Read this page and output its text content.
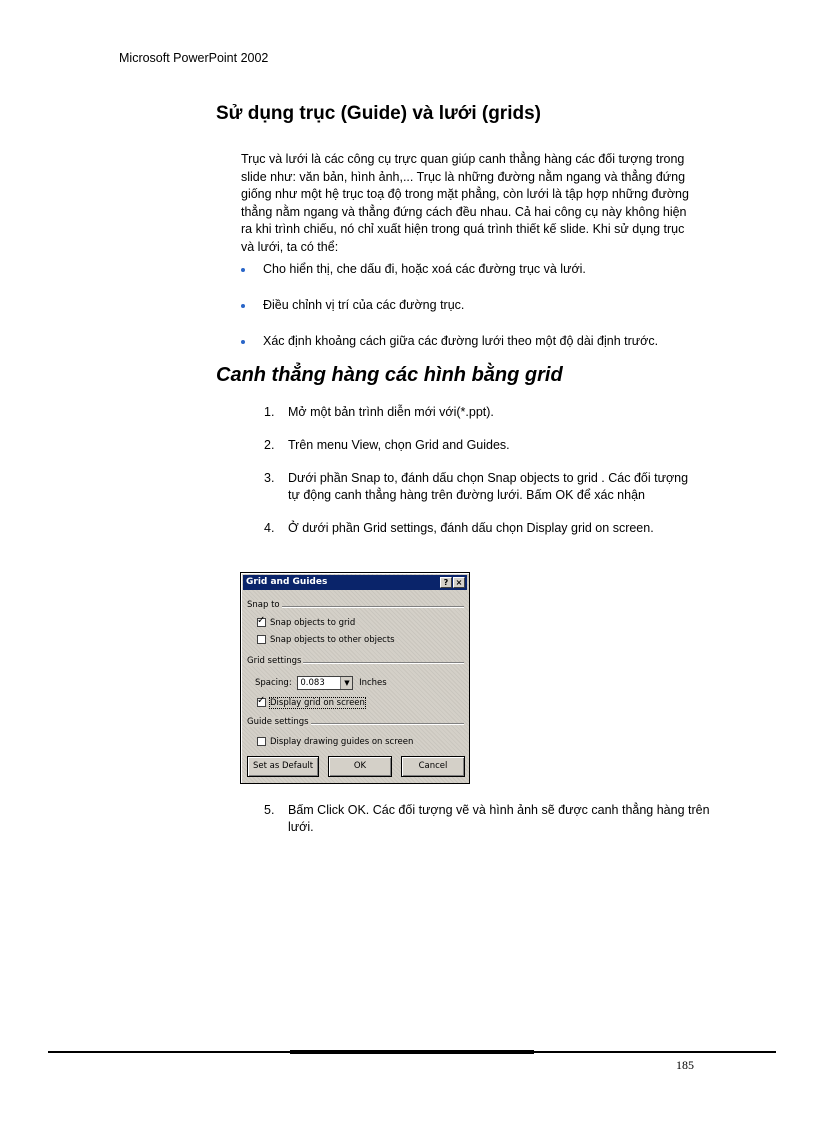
Microsoft PowerPoint 2002
Sử dụng trục (Guide) và lưới (grids)
Trục và lưới là các công cụ trực quan giúp canh thẳng hàng các đối tượng trong slide như: văn bản, hình ảnh,... Trục là những đường nằm ngang và thẳng đứng giống như một hệ trục toạ độ trong mặt phẳng, còn lưới là tập hợp những đường thẳng nằm ngang và thẳng đứng cách đều nhau. Cả hai công cụ này không hiện ra khi trình chiếu, nó chỉ xuất hiện trong quá trình thiết kế slide. Khi sử dụng trục và lưới, ta có thể:
Cho hiển thị, che dấu đi, hoặc xoá các đường trục và lưới.
Điều chỉnh vị trí của các đường trục.
Xác định khoảng cách giữa các đường lưới theo một độ dài định trước.
Canh thẳng hàng các hình bằng grid
1. Mở một bản trình diễn mới với(*.ppt).
2. Trên menu View, chọn Grid and Guides.
3. Dưới phần Snap to, đánh dấu chọn Snap objects to grid . Các đối tượng tự động canh thẳng hàng trên đường lưới. Bấm OK để xác nhận
4. Ở dưới phần Grid settings, đánh dấu chọn Display grid on screen.
5. Bấm Click OK. Các đối tượng vẽ và hình ảnh sẽ được canh thẳng hàng trên lưới.
Grid and Guides	? ×
Snap to
✓ Snap objects to grid
Snap objects to other objects
Grid settings
Spacing: 0.083	▼	Inches
✓ Display grid on screen
Guide settings
Display drawing guides on screen
Set as Default	OK	Cancel
185
